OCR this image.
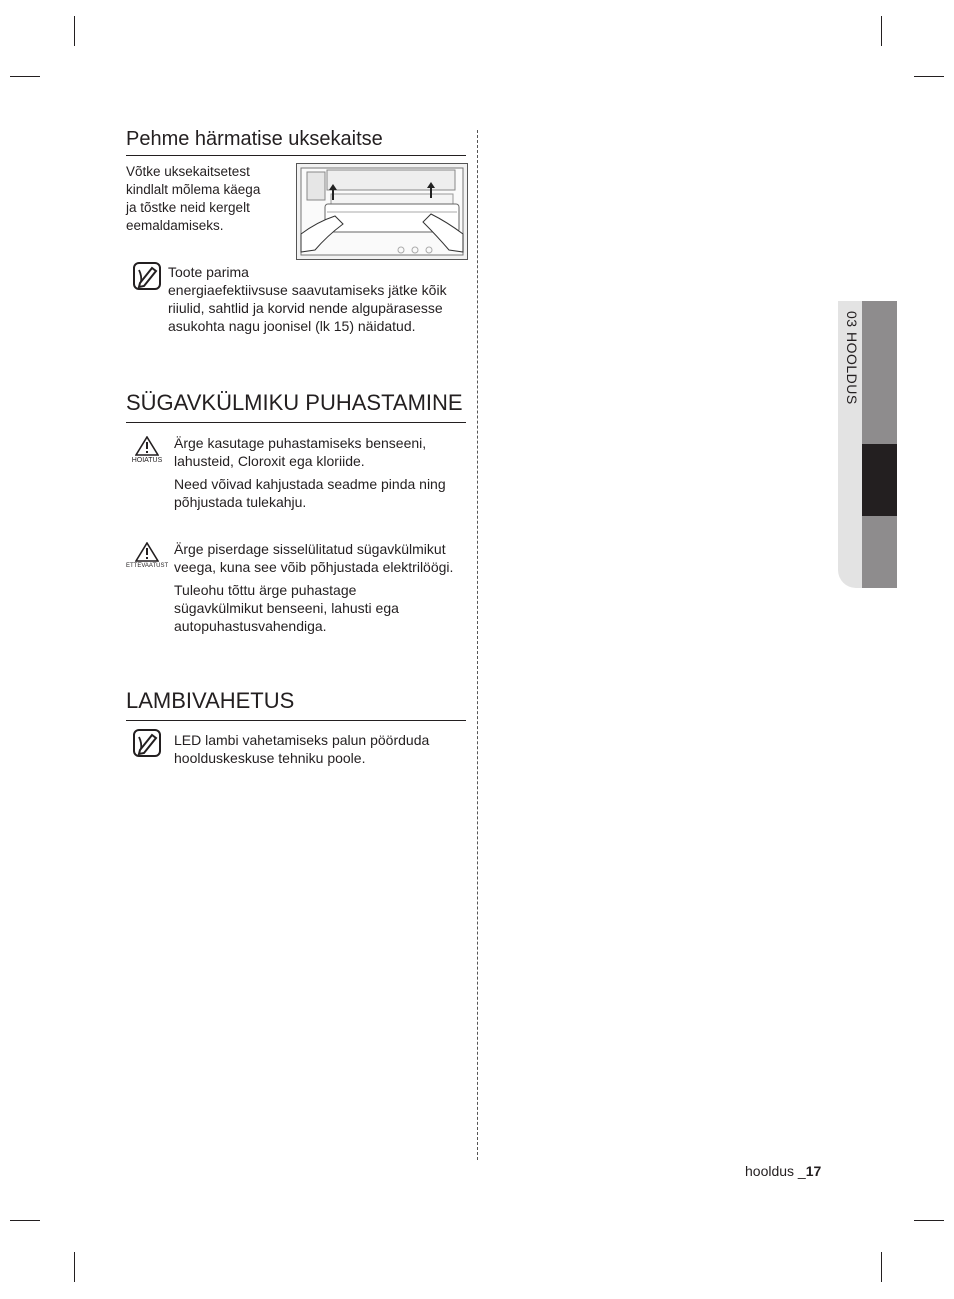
Pehme härmatise uksekaitse
Võtke uksekaitsetest
kindlalt mõlema käega
ja tõstke neid kergelt
eemaldamiseks.
Toote parima
energiaefektiivsuse saavutamiseks jätke kõik
riiulid, sahtlid ja korvid nende algupärasesse
asukohta nagu joonisel (lk 15) näidatud.
SÜGAVKÜLMIKU PUHASTAMINE
HOIATUS
Ärge kasutage puhastamiseks benseeni,
lahusteid, Cloroxit ega kloriide.
Need võivad kahjustada seadme pinda ning
põhjustada tulekahju.
ETTEVAATUST
Ärge piserdage sisselülitatud sügavkülmikut
veega, kuna see võib põhjustada elektrilöögi.
Tuleohu tõttu ärge puhastage
sügavkülmikut benseeni, lahusti ega
autopuhastusvahendiga.
LAMBIVAHETUS
LED lambi vahetamiseks palun pöörduda
hoolduskeskuse tehniku poole.
03 HOOLDUS
hooldus _17
